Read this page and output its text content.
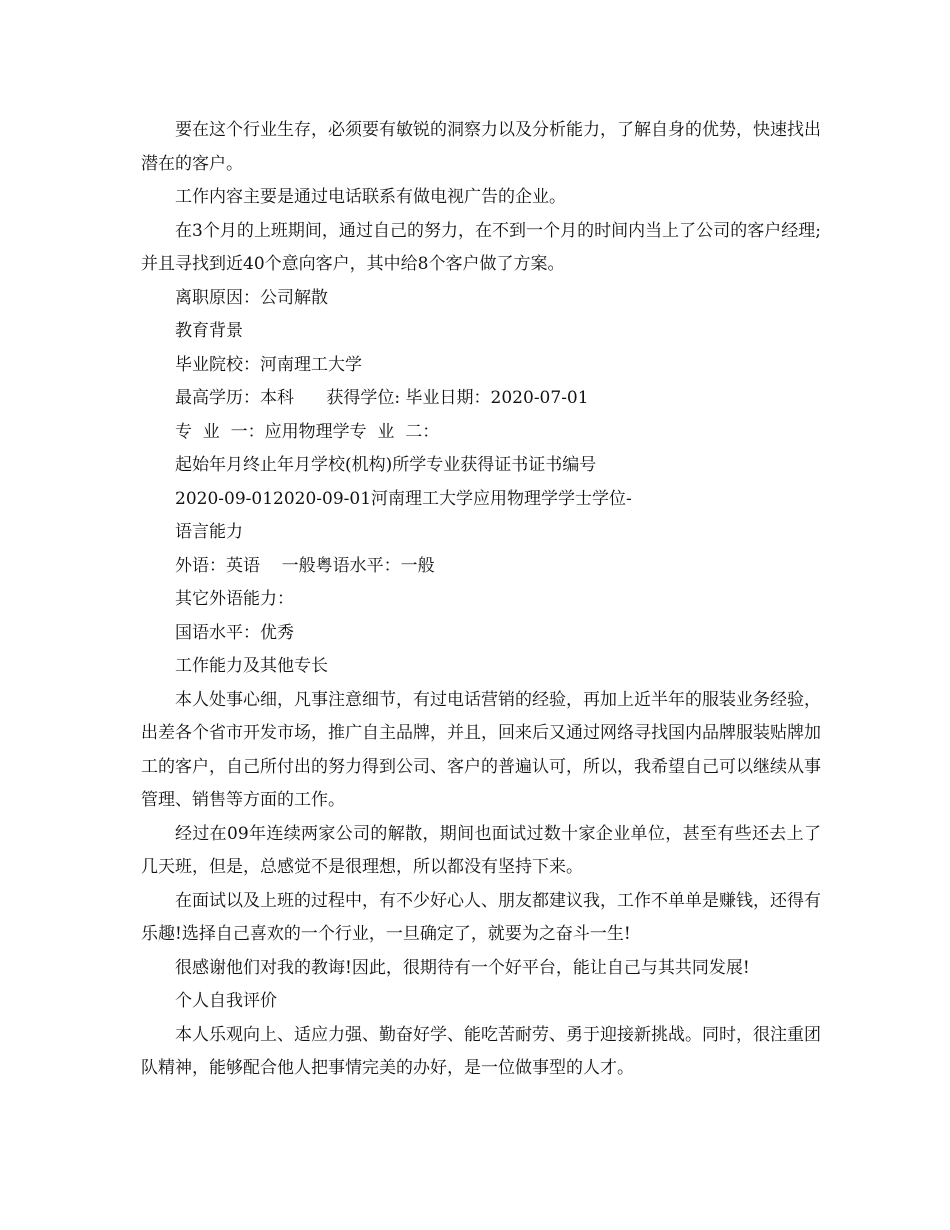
要在这个行业生存，必须要有敏锐的洞察力以及分析能力，了解自身的优势，快速找出潜在的客户。

工作内容主要是通过电话联系有做电视广告的企业。

在3个月的上班期间，通过自己的努力，在不到一个月的时间内当上了公司的客户经理;并且寻找到近40个意向客户，其中给8个客户做了方案。

离职原因：公司解散

教育背景

毕业院校：河南理工大学

最高学历：本科      获得学位: 毕业日期：2020-07-01

专  业  一：应用物理学专  业  二：

起始年月终止年月学校(机构)所学专业获得证书证书编号

2020-09-012020-09-01河南理工大学应用物理学学士学位-

语言能力

外语：英语    一般粤语水平：一般

其它外语能力：

国语水平：优秀

工作能力及其他专长

本人处事心细，凡事注意细节，有过电话营销的经验，再加上近半年的服装业务经验，出差各个省市开发市场，推广自主品牌，并且，回来后又通过网络寻找国内品牌服装贴牌加工的客户，自己所付出的努力得到公司、客户的普遍认可，所以，我希望自己可以继续从事管理、销售等方面的工作。

经过在09年连续两家公司的解散，期间也面试过数十家企业单位，甚至有些还去上了几天班，但是，总感觉不是很理想，所以都没有坚持下来。

在面试以及上班的过程中，有不少好心人、朋友都建议我，工作不单单是赚钱，还得有乐趣!选择自己喜欢的一个行业，一旦确定了，就要为之奋斗一生!

很感谢他们对我的教诲!因此，很期待有一个好平台，能让自己与其共同发展!

个人自我评价

本人乐观向上、适应力强、勤奋好学、能吃苦耐劳、勇于迎接新挑战。同时，很注重团队精神，能够配合他人把事情完美的办好，是一位做事型的人才。
